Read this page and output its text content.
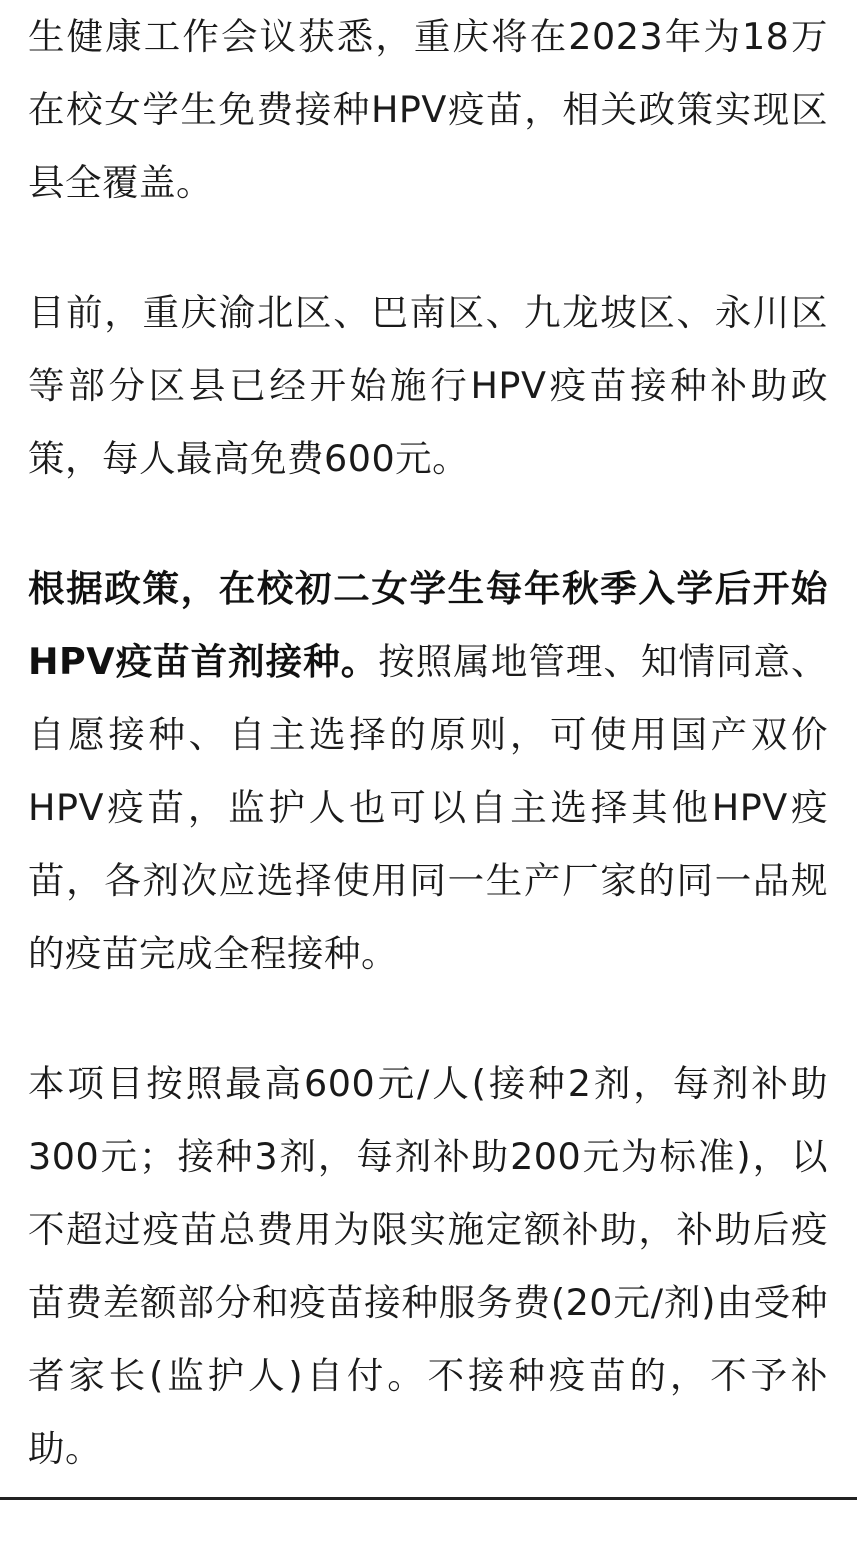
生健康工作会议获悉，重庆将在2023年为18万在校女学生免费接种HPV疫苗，相关政策实现区县全覆盖。

目前，重庆渝北区、巴南区、九龙坡区、永川区等部分区县已经开始施行HPV疫苗接种补助政策，每人最高免费600元。

根据政策，在校初二女学生每年秋季入学后开始HPV疫苗首剂接种。按照属地管理、知情同意、自愿接种、自主选择的原则，可使用国产双价HPV疫苗，监护人也可以自主选择其他HPV疫苗，各剂次应选择使用同一生产厂家的同一品规的疫苗完成全程接种。

本项目按照最高600元/人(接种2剂，每剂补助300元；接种3剂，每剂补助200元为标准)，以不超过疫苗总费用为限实施定额补助，补助后疫苗费差额部分和疫苗接种服务费(20元/剂)由受种者家长(监护人)自付。不接种疫苗的，不予补助。
